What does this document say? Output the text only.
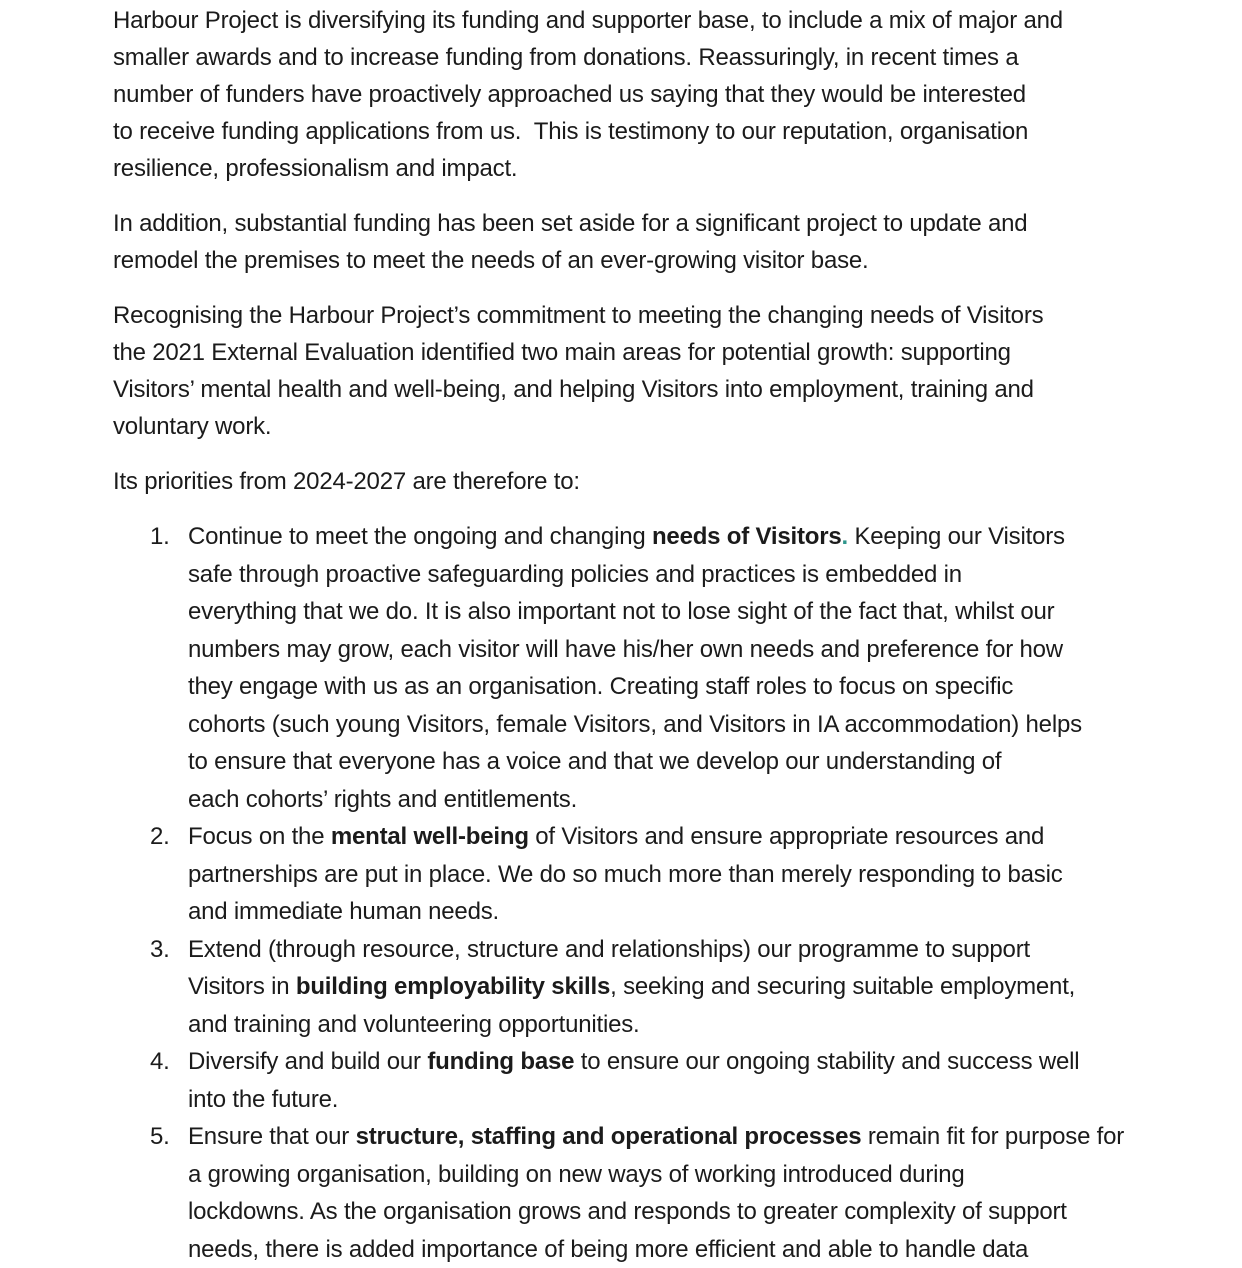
Harbour Project is diversifying its funding and supporter base, to include a mix of major and
smaller awards and to increase funding from donations. Reassuringly, in recent times a
number of funders have proactively approached us saying that they would be interested
to receive funding applications from us.  This is testimony to our reputation, organisation
resilience, professionalism and impact.
In addition, substantial funding has been set aside for a significant project to update and
remodel the premises to meet the needs of an ever-growing visitor base.
Recognising the Harbour Project’s commitment to meeting the changing needs of Visitors
the 2021 External Evaluation identified two main areas for potential growth: supporting
Visitors’ mental health and well-being, and helping Visitors into employment, training and
voluntary work.
Its priorities from 2024-2027 are therefore to:
1. Continue to meet the ongoing and changing needs of Visitors. Keeping our Visitors
safe through proactive safeguarding policies and practices is embedded in
everything that we do. It is also important not to lose sight of the fact that, whilst our
numbers may grow, each visitor will have his/her own needs and preference for how
they engage with us as an organisation. Creating staff roles to focus on specific
cohorts (such young Visitors, female Visitors, and Visitors in IA accommodation) helps
to ensure that everyone has a voice and that we develop our understanding of
each cohorts’ rights and entitlements.
2. Focus on the mental well-being of Visitors and ensure appropriate resources and
partnerships are put in place. We do so much more than merely responding to basic
and immediate human needs.
3. Extend (through resource, structure and relationships) our programme to support
Visitors in building employability skills, seeking and securing suitable employment,
and training and volunteering opportunities.
4. Diversify and build our funding base to ensure our ongoing stability and success well
into the future.
5. Ensure that our structure, staffing and operational processes remain fit for purpose for
a growing organisation, building on new ways of working introduced during
lockdowns. As the organisation grows and responds to greater complexity of support
needs, there is added importance of being more efficient and able to handle data
